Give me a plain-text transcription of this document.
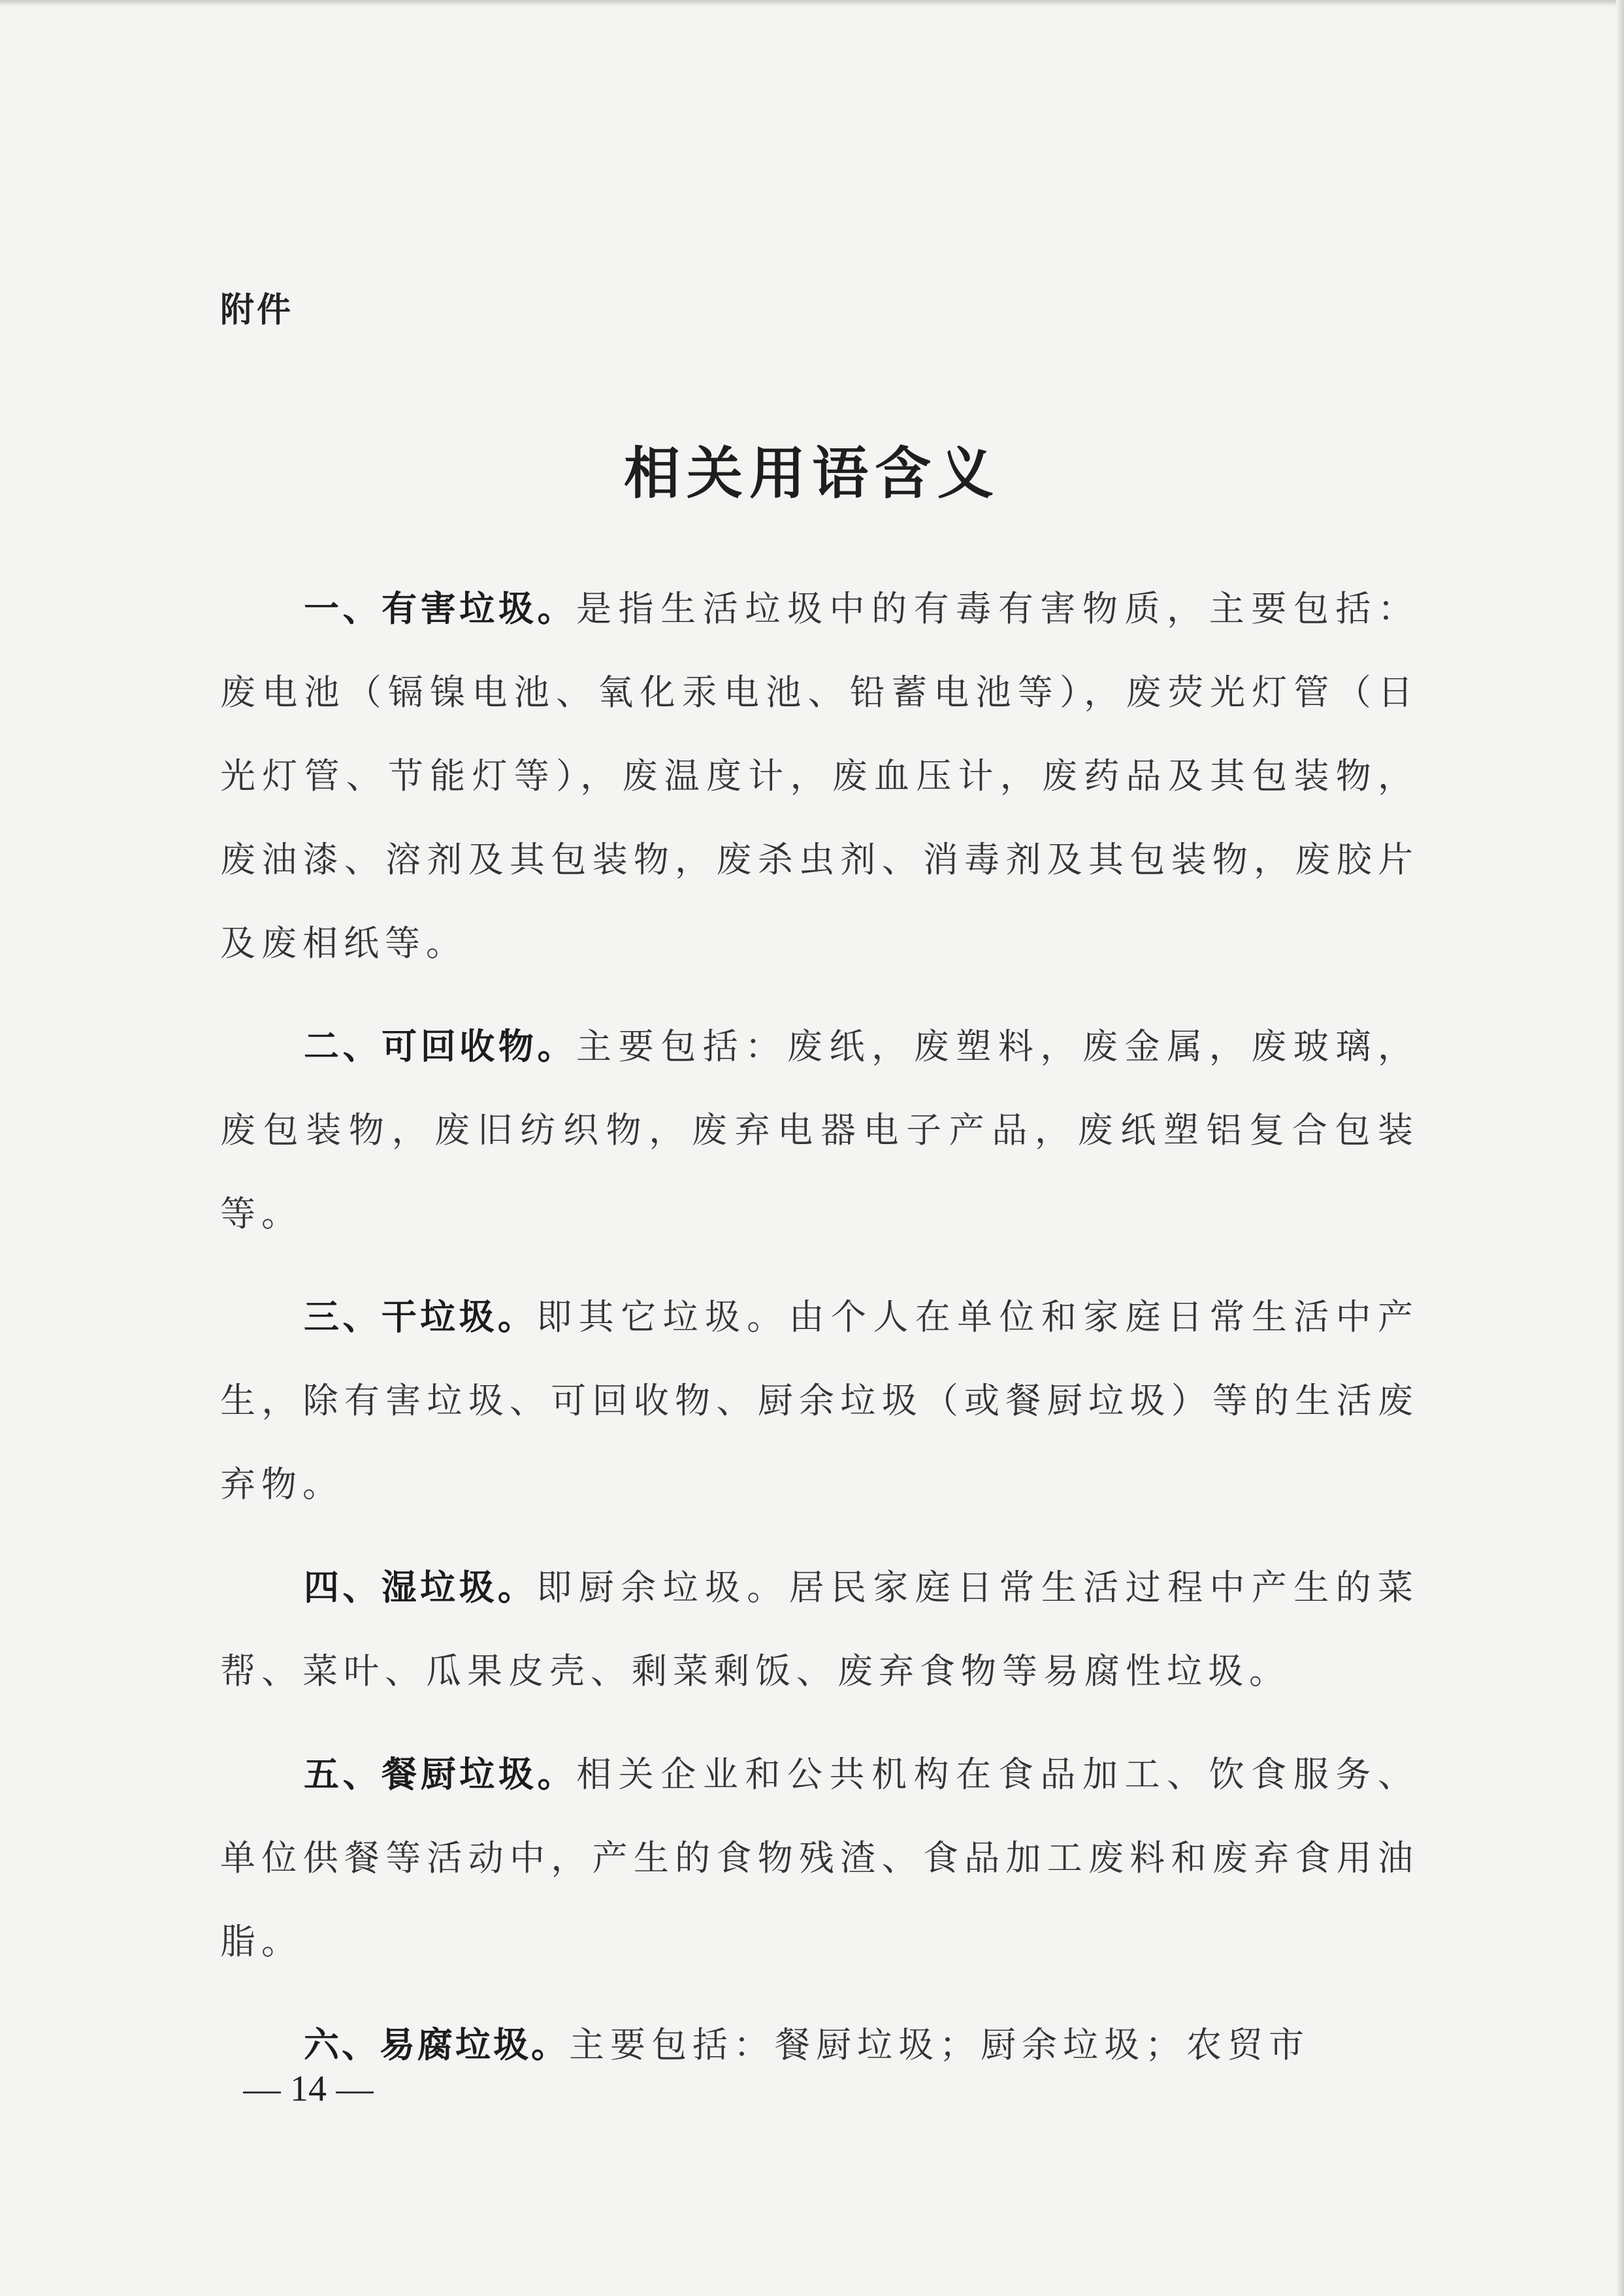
附件
相关用语含义

一、有害垃圾。是指生活垃圾中的有毒有害物质，主要包括：废电池（镉镍电池、氧化汞电池、铅蓄电池等），废荧光灯管（日光灯管、节能灯等），废温度计，废血压计，废药品及其包装物，废油漆、溶剂及其包装物，废杀虫剂、消毒剂及其包装物，废胶片及废相纸等。

二、可回收物。主要包括：废纸，废塑料，废金属，废玻璃，废包装物，废旧纺织物，废弃电器电子产品，废纸塑铝复合包装等。

三、干垃圾。即其它垃圾。由个人在单位和家庭日常生活中产生，除有害垃圾、可回收物、厨余垃圾（或餐厨垃圾）等的生活废弃物。

四、湿垃圾。即厨余垃圾。居民家庭日常生活过程中产生的菜帮、菜叶、瓜果皮壳、剩菜剩饭、废弃食物等易腐性垃圾。

五、餐厨垃圾。相关企业和公共机构在食品加工、饮食服务、单位供餐等活动中，产生的食物残渣、食品加工废料和废弃食用油脂。

六、易腐垃圾。主要包括：餐厨垃圾；厨余垃圾；农贸市

14
